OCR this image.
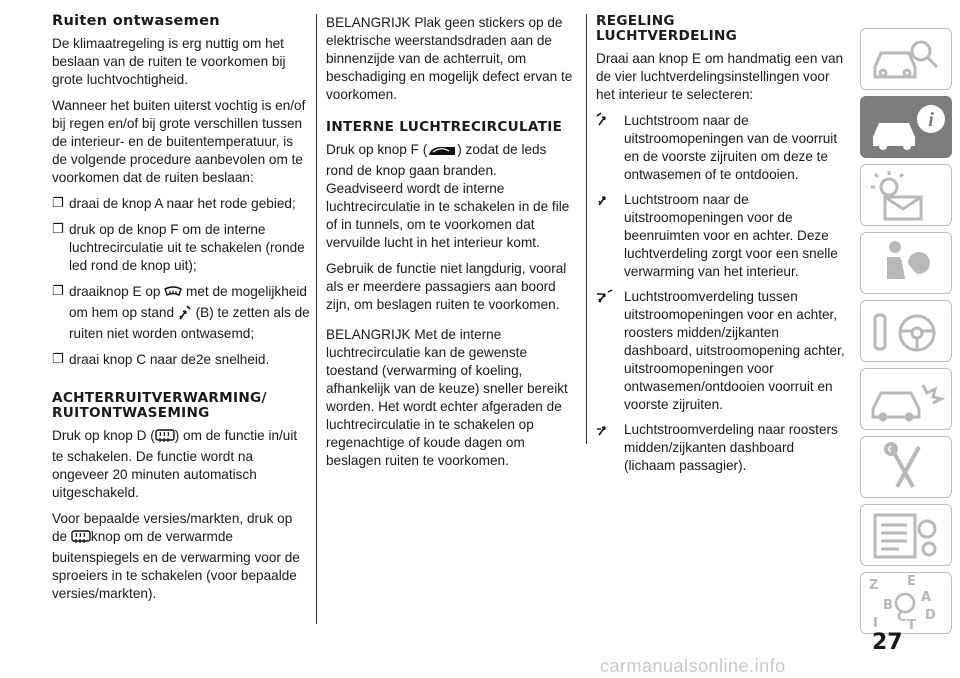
Ruiten ontwasemen

De klimaatregeling is erg nuttig om het beslaan van de ruiten te voorkomen bij grote luchtvochtigheid.

Wanneer het buiten uiterst vochtig is en/of bij regen en/of bij grote verschillen tussen de interieur- en de buitentemperatuur, is de volgende procedure aanbevolen om te voorkomen dat de ruiten beslaan:

❐ draai de knop A naar het rode gebied;
❐ druk op de knop F om de interne luchtrecirculatie uit te schakelen (ronde led rond de knop uit);
❐ draaiknop E op met de mogelijkheid om hem op stand (B) te zetten als de ruiten niet worden ontwasemd;
❐ draai knop C naar de2e snelheid.
ACHTERRUITVERWARMING/ RUITONTWASEMING

Druk op knop D ( ) om de functie in/uit te schakelen. De functie wordt na ongeveer 20 minuten automatisch uitgeschakeld.

Voor bepaalde versies/markten, druk op de knop om de verwarmde buitenspiegels en de verwarming voor de sproeiers in te schakelen (voor bepaalde versies/markten).

BELANGRIJK Plak geen stickers op de elektrische weerstandsdraden aan de binnenzijde van de achterruit, om beschadiging en mogelijk defect ervan te voorkomen.

INTERNE LUCHTRECIRCULATIE

Druk op knop F ( ) zodat de leds rond de knop gaan branden. Geadviseerd wordt de interne luchtrecirculatie in te schakelen in de file of in tunnels, om te voorkomen dat vervuilde lucht in het interieur komt.

Gebruik de functie niet langdurig, vooral als er meerdere passagiers aan boord zijn, om beslagen ruiten te voorkomen.

BELANGRIJK Met de interne luchtrecirculatie kan de gewenste toestand (verwarming of koeling, afhankelijk van de keuze) sneller bereikt worden. Het wordt echter afgeraden de luchtrecirculatie in te schakelen op regenachtige of koude dagen om beslagen ruiten te voorkomen.

REGELING LUCHTVERDELING

Draai aan knop E om handmatig een van de vier luchtverdelingsinstellingen voor het interieur te selecteren:

Luchtstroom naar de uitstroomopeningen van de voorruit en de voorste zijruiten om deze te ontwasemen of te ontdooien.
Luchtstroom naar de uitstroomopeningen voor de beenruimten voor en achter. Deze luchtverdeling zorgt voor een snelle verwarming van het interieur.
Luchtstroomverdeling tussen uitstroomopeningen voor en achter, roosters midden/zijkanten dashboard, uitstroomopening achter, uitstroomopeningen voor ontwasemen/ontdooien voorruit en voorste zijruiten.
Luchtstroomverdeling naar roosters midden/zijkanten dashboard (lichaam passagier).
i
Z E
A
B
C D
T
I
27
carmanualsonline.info
